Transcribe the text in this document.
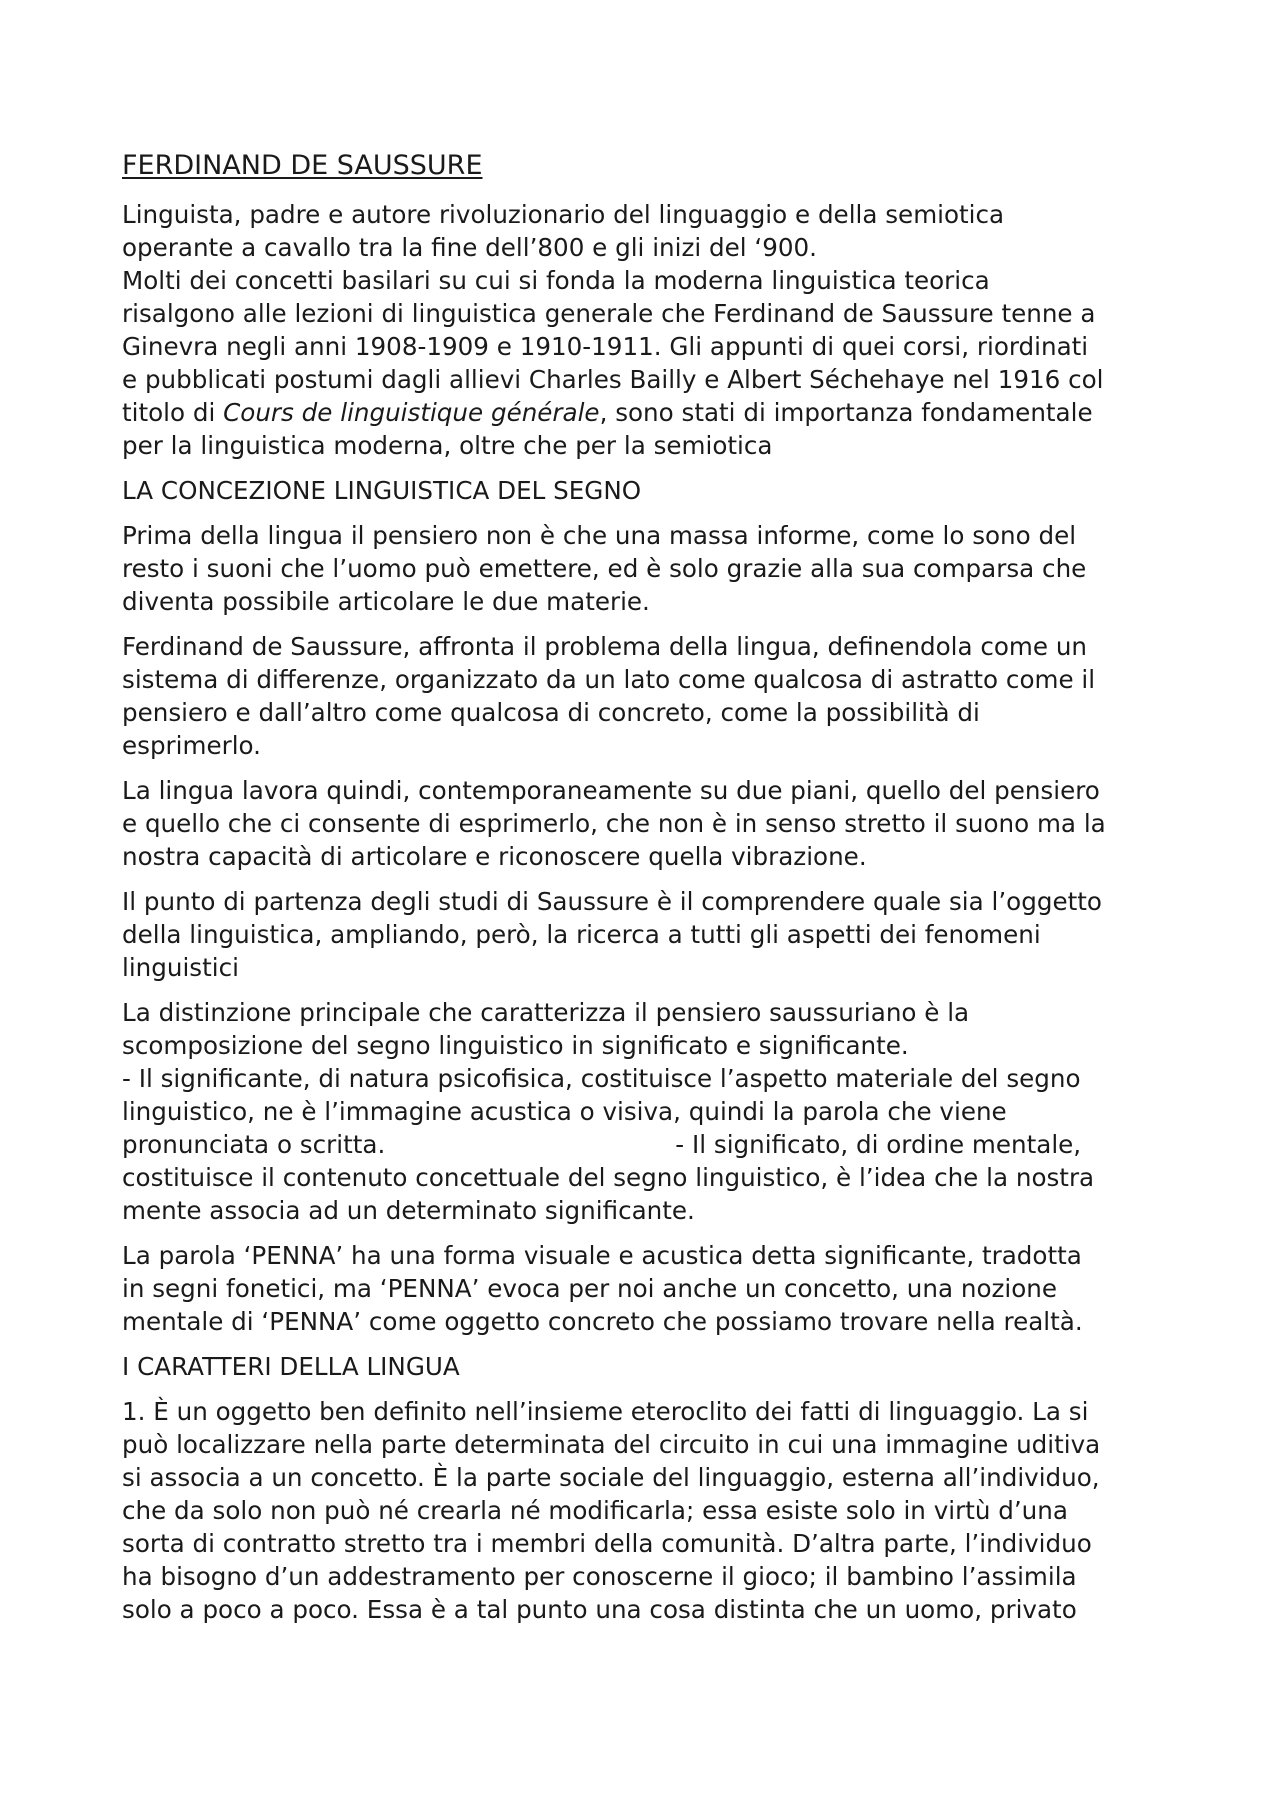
FERDINAND DE SAUSSURE
Linguista, padre e autore rivoluzionario del linguaggio e della semiotica
operante a cavallo tra la fine dell’800 e gli inizi del ‘900.
Molti dei concetti basilari su cui si fonda la moderna linguistica teorica
risalgono alle lezioni di linguistica generale che Ferdinand de Saussure tenne a
Ginevra negli anni 1908-1909 e 1910-1911. Gli appunti di quei corsi, riordinati
e pubblicati postumi dagli allievi Charles Bailly e Albert Séchehaye nel 1916 col
titolo di Cours de linguistique générale, sono stati di importanza fondamentale
per la linguistica moderna, oltre che per la semiotica
LA CONCEZIONE LINGUISTICA DEL SEGNO
Prima della lingua il pensiero non è che una massa informe, come lo sono del
resto i suoni che l’uomo può emettere, ed è solo grazie alla sua comparsa che
diventa possibile articolare le due materie.
Ferdinand de Saussure, affronta il problema della lingua, definendola come un
sistema di differenze, organizzato da un lato come qualcosa di astratto come il
pensiero e dall’altro come qualcosa di concreto, come la possibilità di
esprimerlo.
La lingua lavora quindi, contemporaneamente su due piani, quello del pensiero
e quello che ci consente di esprimerlo, che non è in senso stretto il suono ma la
nostra capacità di articolare e riconoscere quella vibrazione.
Il punto di partenza degli studi di Saussure è il comprendere quale sia l’oggetto
della linguistica, ampliando, però, la ricerca a tutti gli aspetti dei fenomeni
linguistici
La distinzione principale che caratterizza il pensiero saussuriano è la
scomposizione del segno linguistico in significato e significante.
- Il significante, di natura psicofisica, costituisce l’aspetto materiale del segno
linguistico, ne è l’immagine acustica o visiva, quindi la parola che viene
pronunciata o scritta.	- Il significato, di ordine mentale,
costituisce il contenuto concettuale del segno linguistico, è l’idea che la nostra
mente associa ad un determinato significante.
La parola ‘PENNA’ ha una forma visuale e acustica detta significante, tradotta
in segni fonetici, ma ‘PENNA’ evoca per noi anche un concetto, una nozione
mentale di ‘PENNA’ come oggetto concreto che possiamo trovare nella realtà.
I CARATTERI DELLA LINGUA
1. È un oggetto ben definito nell’insieme eteroclito dei fatti di linguaggio. La si
può localizzare nella parte determinata del circuito in cui una immagine uditiva
si associa a un concetto. È la parte sociale del linguaggio, esterna all’individuo,
che da solo non può né crearla né modificarla; essa esiste solo in virtù d’una
sorta di contratto stretto tra i membri della comunità. D’altra parte, l’individuo
ha bisogno d’un addestramento per conoscerne il gioco; il bambino l’assimila
solo a poco a poco. Essa è a tal punto una cosa distinta che un uomo, privato
